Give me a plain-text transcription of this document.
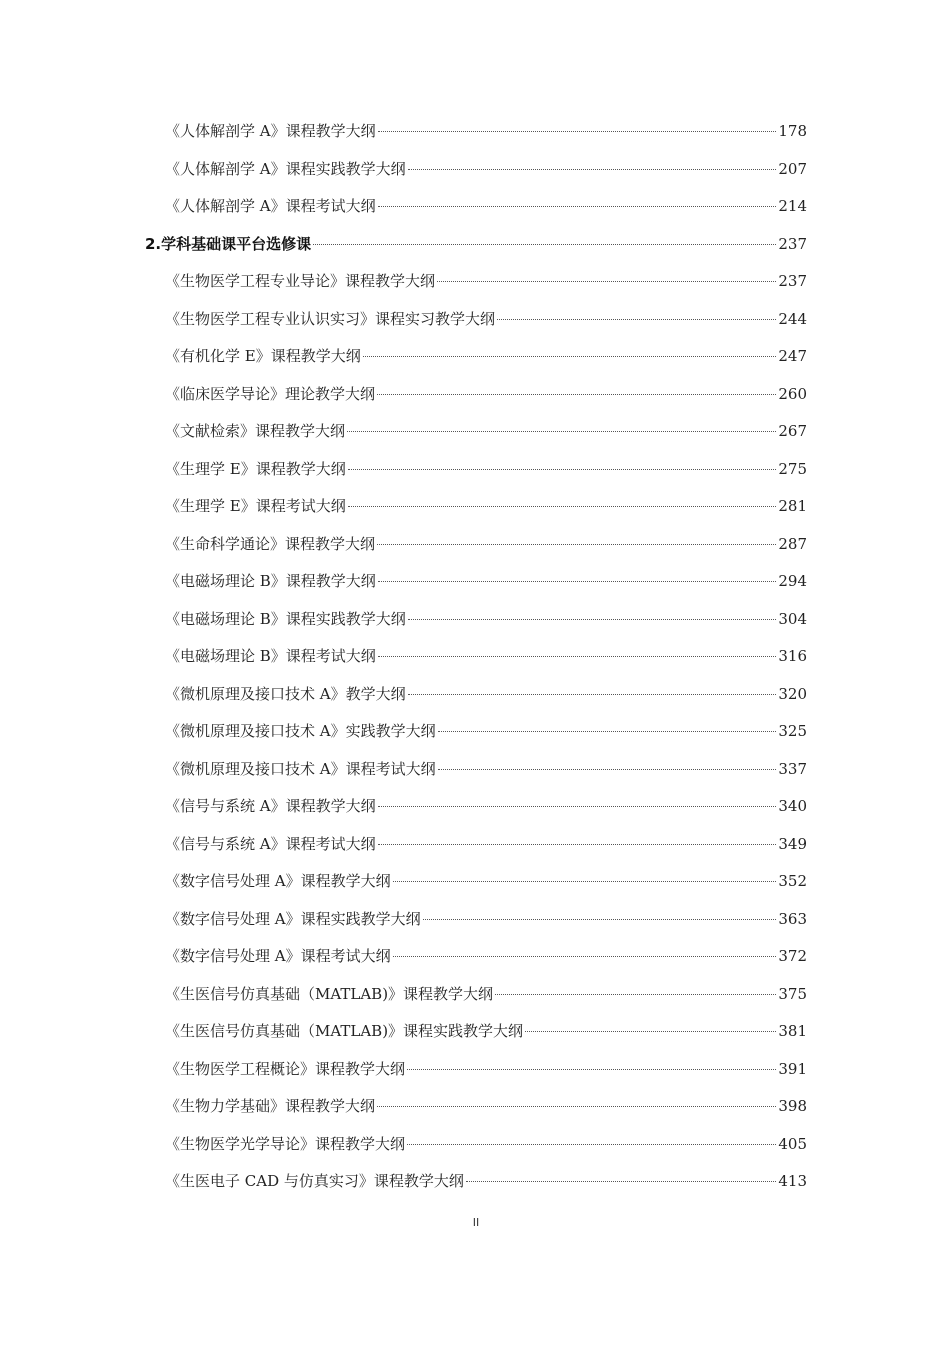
《人体解剖学 A》课程教学大纲	178
《人体解剖学 A》课程实践教学大纲	207
《人体解剖学 A》课程考试大纲	214
2.学科基础课平台选修课	237
《生物医学工程专业导论》课程教学大纲	237
《生物医学工程专业认识实习》课程实习教学大纲	244
《有机化学 E》课程教学大纲	247
《临床医学导论》理论教学大纲	260
《文献检索》课程教学大纲	267
《生理学 E》课程教学大纲	275
《生理学 E》课程考试大纲	281
《生命科学通论》课程教学大纲	287
《电磁场理论 B》课程教学大纲	294
《电磁场理论 B》课程实践教学大纲	304
《电磁场理论 B》课程考试大纲	316
《微机原理及接口技术 A》教学大纲	320
《微机原理及接口技术 A》实践教学大纲	325
《微机原理及接口技术 A》课程考试大纲	337
《信号与系统 A》课程教学大纲	340
《信号与系统 A》课程考试大纲	349
《数字信号处理 A》课程教学大纲	352
《数字信号处理 A》课程实践教学大纲	363
《数字信号处理 A》课程考试大纲	372
《生医信号仿真基础（MATLAB)》课程教学大纲	375
《生医信号仿真基础（MATLAB)》课程实践教学大纲	381
《生物医学工程概论》课程教学大纲	391
《生物力学基础》课程教学大纲	398
《生物医学光学导论》课程教学大纲	405
《生医电子 CAD 与仿真实习》课程教学大纲	413
II
